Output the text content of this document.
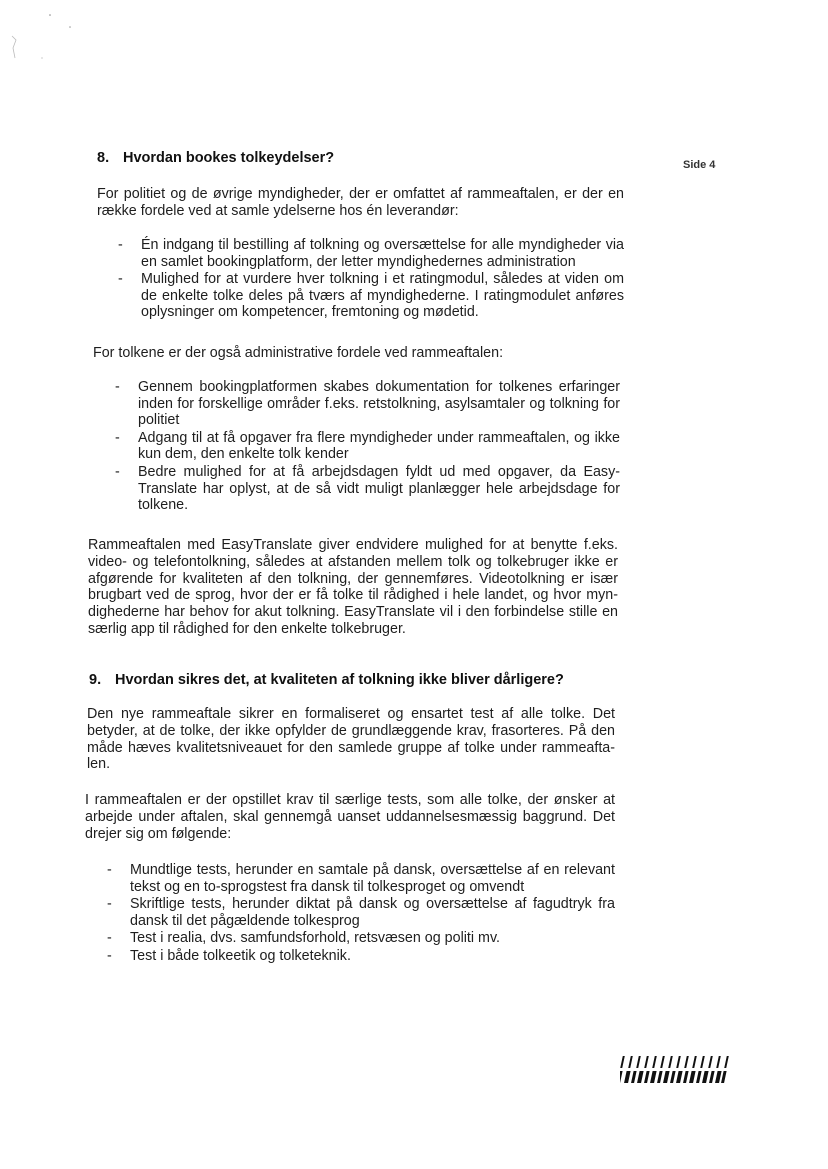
Side 4
8. Hvordan bookes tolkeydelser?
For politiet og de øvrige myndigheder, der er omfattet af rammeaftalen, er der en række fordele ved at samle ydelserne hos én leverandør:
-	Én indgang til bestilling af tolkning og oversættelse for alle myndigheder via en samlet bookingplatform, der letter myndighedernes administration
-	Mulighed for at vurdere hver tolkning i et ratingmodul, således at viden om de enkelte tolke deles på tværs af myndighederne. I ratingmodulet anføres oplysninger om kompetencer, fremtoning og mødetid.
For tolkene er der også administrative fordele ved rammeaftalen:
-	Gennem bookingplatformen skabes dokumentation for tolkenes erfaringer inden for forskellige områder f.eks. retstolkning, asylsamtaler og tolkning for politiet
-	Adgang til at få opgaver fra flere myndigheder under rammeaftalen, og ikke kun dem, den enkelte tolk kender
-	Bedre mulighed for at få arbejdsdagen fyldt ud med opgaver, da Easy-Translate har oplyst, at de så vidt muligt planlægger hele arbejdsdage for tolkene.
Rammeaftalen med EasyTranslate giver endvidere mulighed for at benytte f.eks. video- og telefontolkning, således at afstanden mellem tolk og tolkebruger ikke er afgørende for kvaliteten af den tolkning, der gennemføres. Videotolkning er især brugbart ved de sprog, hvor der er få tolke til rådighed i hele landet, og hvor myn-dighederne har behov for akut tolkning. EasyTranslate vil i den forbindelse stille en særlig app til rådighed for den enkelte tolkebruger.
9. Hvordan sikres det, at kvaliteten af tolkning ikke bliver dårligere?
Den nye rammeaftale sikrer en formaliseret og ensartet test af alle tolke. Det betyder, at de tolke, der ikke opfylder de grundlæggende krav, frasorteres. På den måde hæves kvalitetsniveauet for den samlede gruppe af tolke under rammeafta-len.
I rammeaftalen er der opstillet krav til særlige tests, som alle tolke, der ønsker at arbejde under aftalen, skal gennemgå uanset uddannelsesmæssig baggrund. Det drejer sig om følgende:
-	Mundtlige tests, herunder en samtale på dansk, oversættelse af en relevant tekst og en to-sprogstest fra dansk til tolkesproget og omvendt
-	Skriftlige tests, herunder diktat på dansk og oversættelse af fagudtryk fra dansk til det pågældende tolkesprog
-	Test i realia, dvs. samfundsforhold, retsvæsen og politi mv.
-	Test i både tolkeetik og tolketeknik.
